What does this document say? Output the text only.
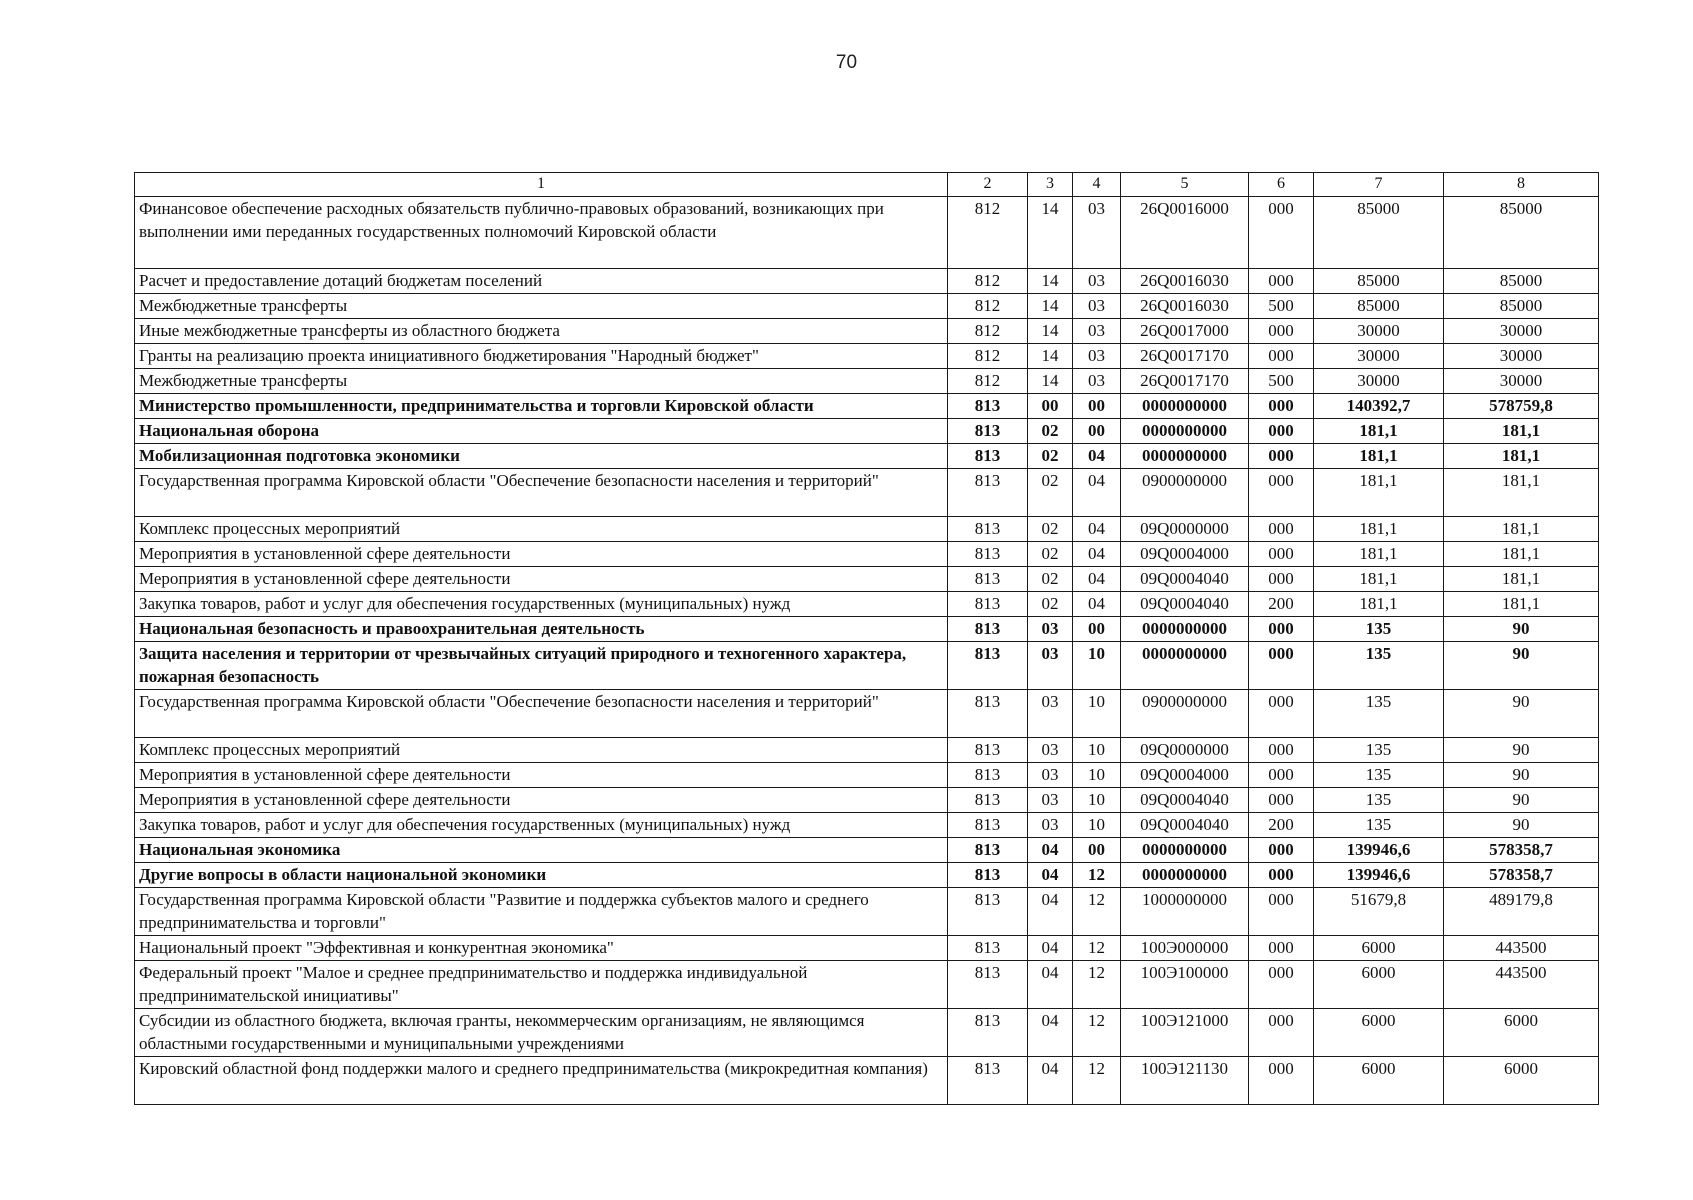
70
1	2	3	4	5	6	7	8
Финансовое обеспечение расходных обязательств публично-правовых образований, возникающих при выполнении ими переданных государственных полномочий Кировской области	812	14	03	26Q0016000	000	85000	85000
Расчет и предоставление дотаций бюджетам поселений	812	14	03	26Q0016030	000	85000	85000
Межбюджетные трансферты	812	14	03	26Q0016030	500	85000	85000
Иные межбюджетные трансферты из областного бюджета	812	14	03	26Q0017000	000	30000	30000
Гранты на реализацию проекта инициативного бюджетирования "Народный бюджет"	812	14	03	26Q0017170	000	30000	30000
Межбюджетные трансферты	812	14	03	26Q0017170	500	30000	30000
Министерство промышленности, предпринимательства и торговли Кировской области	813	00	00	0000000000	000	140392,7	578759,8
Национальная оборона	813	02	00	0000000000	000	181,1	181,1
Мобилизационная подготовка экономики	813	02	04	0000000000	000	181,1	181,1
Государственная программа Кировской области "Обеспечение безопасности населения и территорий"	813	02	04	0900000000	000	181,1	181,1
Комплекс процессных мероприятий	813	02	04	09Q0000000	000	181,1	181,1
Мероприятия в установленной сфере деятельности	813	02	04	09Q0004000	000	181,1	181,1
Мероприятия в установленной сфере деятельности	813	02	04	09Q0004040	000	181,1	181,1
Закупка товаров, работ и услуг для обеспечения государственных (муниципальных) нужд	813	02	04	09Q0004040	200	181,1	181,1
Национальная безопасность и правоохранительная деятельность	813	03	00	0000000000	000	135	90
Защита населения и территории от чрезвычайных ситуаций природного и техногенного характера, пожарная безопасность	813	03	10	0000000000	000	135	90
Государственная программа Кировской области "Обеспечение безопасности населения и территорий"	813	03	10	0900000000	000	135	90
Комплекс процессных мероприятий	813	03	10	09Q0000000	000	135	90
Мероприятия в установленной сфере деятельности	813	03	10	09Q0004000	000	135	90
Мероприятия в установленной сфере деятельности	813	03	10	09Q0004040	000	135	90
Закупка товаров, работ и услуг для обеспечения государственных (муниципальных) нужд	813	03	10	09Q0004040	200	135	90
Национальная экономика	813	04	00	0000000000	000	139946,6	578358,7
Другие вопросы в области национальной экономики	813	04	12	0000000000	000	139946,6	578358,7
Государственная программа Кировской области "Развитие и поддержка субъектов малого и среднего предпринимательства и торговли"	813	04	12	1000000000	000	51679,8	489179,8
Национальный проект "Эффективная и конкурентная экономика"	813	04	12	100Э000000	000	6000	443500
Федеральный проект "Малое и среднее предпринимательство и поддержка индивидуальной предпринимательской инициативы"	813	04	12	100Э100000	000	6000	443500
Субсидии из областного бюджета, включая гранты, некоммерческим организациям, не являющимся областными государственными и муниципальными учреждениями	813	04	12	100Э121000	000	6000	6000
Кировский областной фонд поддержки малого и среднего предпринимательства (микрокредитная компания)	813	04	12	100Э121130	000	6000	6000
